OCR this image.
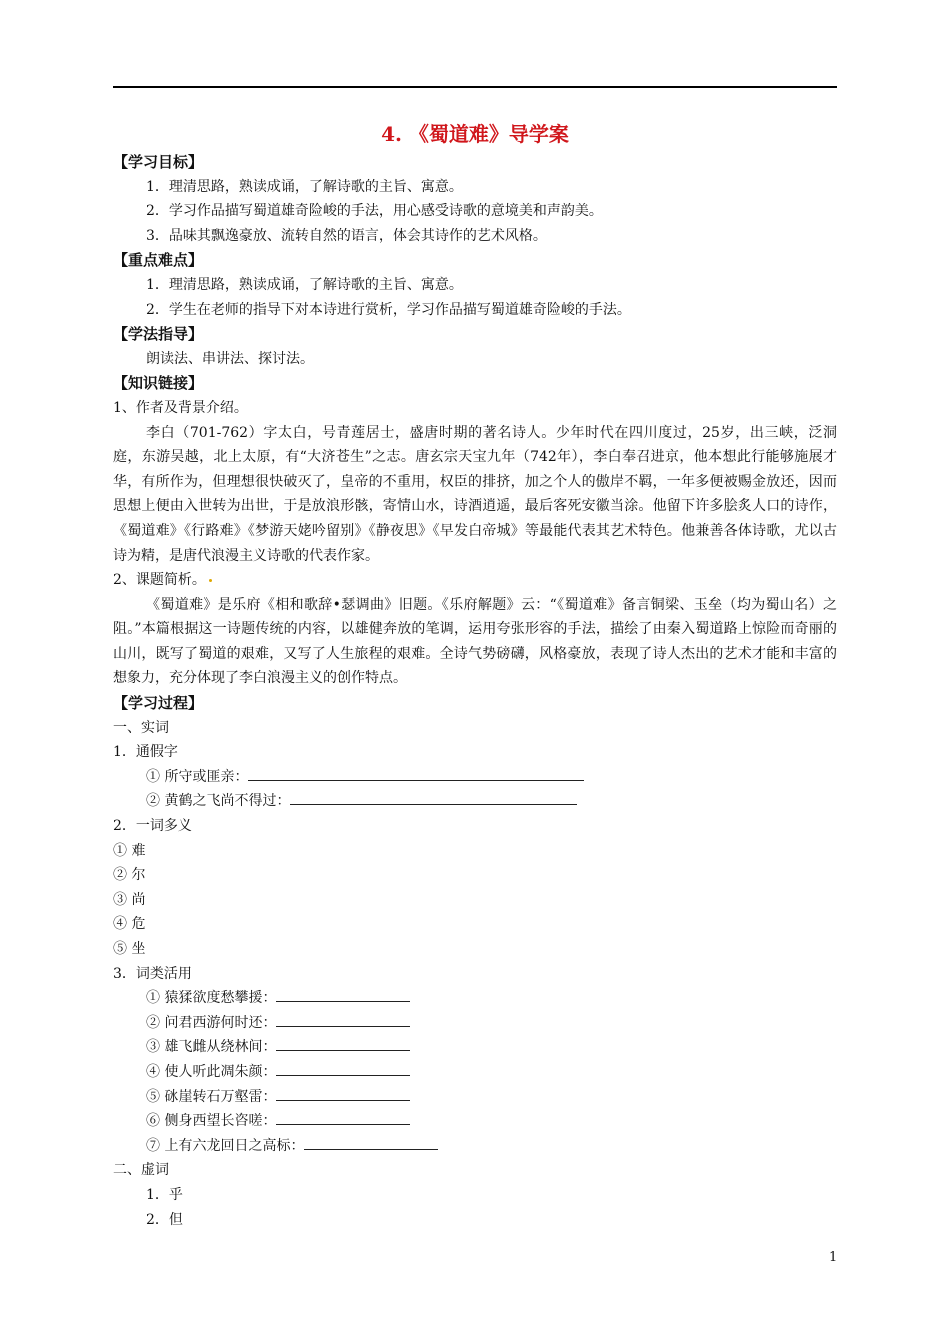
4. 《蜀道难》导学案

【学习目标】

1．理清思路，熟读成诵，了解诗歌的主旨、寓意。

2．学习作品描写蜀道雄奇险峻的手法，用心感受诗歌的意境美和声韵美。

3．品味其飘逸豪放、流转自然的语言，体会其诗作的艺术风格。

【重点难点】

1．理清思路，熟读成诵，了解诗歌的主旨、寓意。

2．学生在老师的指导下对本诗进行赏析，学习作品描写蜀道雄奇险峻的手法。

【学法指导】

朗读法、串讲法、探讨法。

【知识链接】

1、作者及背景介绍。

李白（701-762）字太白，号青莲居士，盛唐时期的著名诗人。少年时代在四川度过，25岁，出三峡，泛洞庭，东游吴越，北上太原，有“大济苍生”之志。唐玄宗天宝九年（742年），李白奉召进京，他本想此行能够施展才华，有所作为，但理想很快破灭了，皇帝的不重用，权臣的排挤，加之个人的傲岸不羁，一年多便被赐金放还，因而思想上便由入世转为出世，于是放浪形骸，寄情山水，诗酒逍遥，最后客死安徽当涂。他留下许多脍炙人口的诗作，《蜀道难》《行路难》《梦游天姥吟留别》《静夜思》《早发白帝城》等最能代表其艺术特色。他兼善各体诗歌，尤以古诗为精，是唐代浪漫主义诗歌的代表作家。

2、课题简析。

《蜀道难》是乐府《相和歌辞•瑟调曲》旧题。《乐府解题》云：“《蜀道难》备言铜梁、玉垒（均为蜀山名）之阻。”本篇根据这一诗题传统的内容，以雄健奔放的笔调，运用夸张形容的手法，描绘了由秦入蜀道路上惊险而奇丽的山川，既写了蜀道的艰难，又写了人生旅程的艰难。全诗气势磅礴，风格豪放，表现了诗人杰出的艺术才能和丰富的想象力，充分体现了李白浪漫主义的创作特点。

【学习过程】

一、实词

1．通假字

① 所守或匪亲：

② 黄鹤之飞尚不得过：

2．一词多义

① 难

② 尔

③ 尚

④ 危

⑤ 坐

3．词类活用

① 猿猱欲度愁攀援：

② 问君西游何时还：

③ 雄飞雌从绕林间：

④ 使人听此凋朱颜：

⑤ 砯崖转石万壑雷：

⑥ 侧身西望长咨嗟：

⑦ 上有六龙回日之高标：

二、虚词

1．乎

2．但

1
